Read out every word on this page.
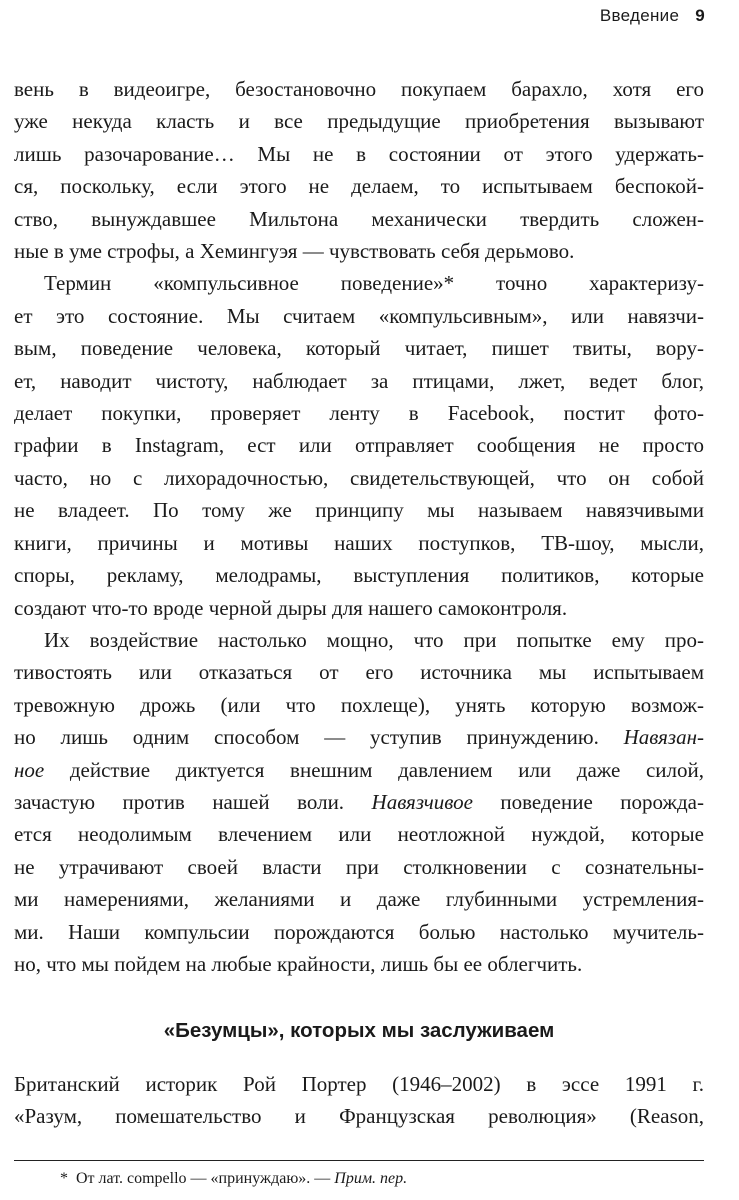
Введение 9
вень в видеоигре, безостановочно покупаем барахло, хотя его
уже некуда класть и все предыдущие приобретения вызывают
лишь разочарование… Мы не в состоянии от этого удержать-
ся, поскольку, если этого не делаем, то испытываем беспокой-
ство, вынуждавшее Мильтона механически твердить сложен-
ные в уме строфы, а Хемингуэя — чувствовать себя дерьмово.
Термин «компульсивное поведение»* точно характеризу-
ет это состояние. Мы считаем «компульсивным», или навязчи-
вым, поведение человека, который читает, пишет твиты, вору-
ет, наводит чистоту, наблюдает за птицами, лжет, ведет блог,
делает покупки, проверяет ленту в Facebook, постит фото-
графии в Instagram, ест или отправляет сообщения не просто
часто, но с лихорадочностью, свидетельствующей, что он собой
не владеет. По тому же принципу мы называем навязчивыми
книги, причины и мотивы наших поступков, ТВ-шоу, мысли,
споры, рекламу, мелодрамы, выступления политиков, которые
создают что-то вроде черной дыры для нашего самоконтроля.
Их воздействие настолько мощно, что при попытке ему про-
тивостоять или отказаться от его источника мы испытываем
тревожную дрожь (или что похлеще), унять которую возмож-
но лишь одним способом — уступив принуждению. Навязан-
ное действие диктуется внешним давлением или даже силой,
зачастую против нашей воли. Навязчивое поведение порожда-
ется неодолимым влечением или неотложной нуждой, которые
не утрачивают своей власти при столкновении с сознательны-
ми намерениями, желаниями и даже глубинными устремления-
ми. Наши компульсии порождаются болью настолько мучитель-
но, что мы пойдем на любые крайности, лишь бы ее облегчить.
«Безумцы», которых мы заслуживаем
Британский историк Рой Портер (1946–2002) в эссе 1991 г.
«Разум, помешательство и Французская революция» (Reason,
* От лат. compello — «принуждаю». — Прим. пер.
